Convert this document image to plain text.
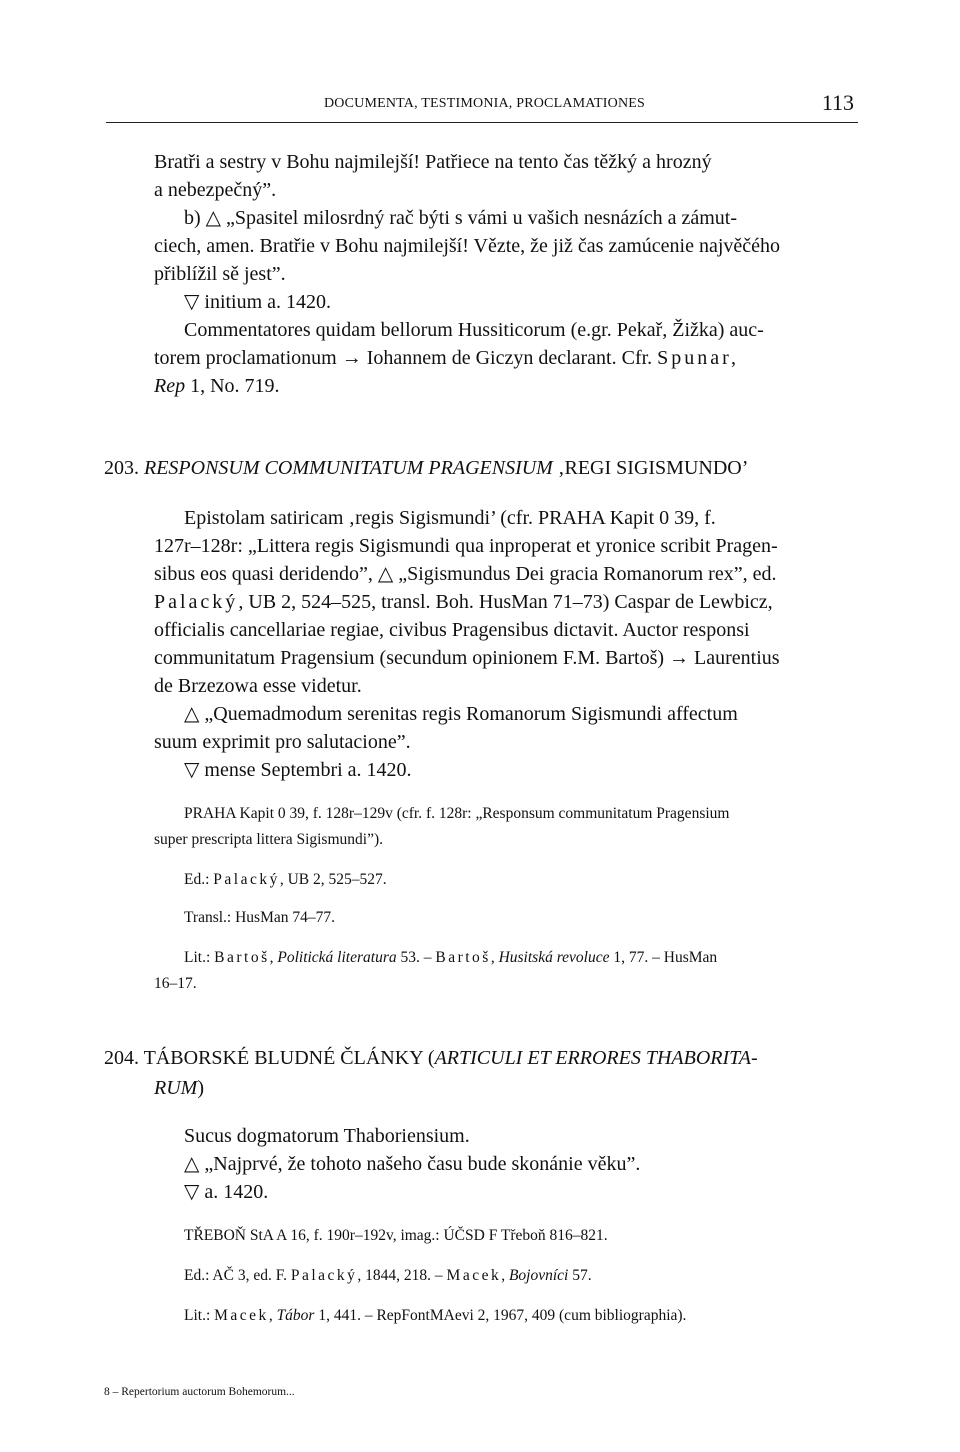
DOCUMENTA, TESTIMONIA, PROCLAMATIONES	113
Bratři a sestry v Bohu najmilejší! Patřiece na tento čas těžký a hrozný
a nebezpečný”.
b) △ „Spasitel milosrdný rač býti s vámi u vašich nesnázích a zámut-
ciech, amen. Bratřie v Bohu najmilejší! Vězte, že již čas zamúcenie najvěčého
přiblížil sě jest”.
▽ initium a. 1420.
Commentatores quidam bellorum Hussiticorum (e.gr. Pekař, Žižka) auc-
torem proclamationum → Iohannem de Giczyn declarant. Cfr. Spunar,
Rep 1, No. 719.
203. RESPONSUM COMMUNITATUM PRAGENSIUM ‚REGI SIGISMUNDO’
Epistolam satiricam ‚regis Sigismundi’ (cfr. PRAHA Kapit 0 39, f.
127r–128r: „Littera regis Sigismundi qua inproperat et yronice scribit Pragen-
sibus eos quasi deridendo”, △ „Sigismundus Dei gracia Romanorum rex”, ed.
Palacký, UB 2, 524–525, transl. Boh. HusMan 71–73) Caspar de Lewbicz,
officialis cancellariae regiae, civibus Pragensibus dictavit. Auctor responsi
communitatum Pragensium (secundum opinionem F.M. Bartoš) → Laurentius
de Brzezowa esse videtur.
△ „Quemadmodum serenitas regis Romanorum Sigismundi affectum
suum exprimit pro salutacione”.
▽ mense Septembri a. 1420.
PRAHA Kapit 0 39, f. 128r–129v (cfr. f. 128r: „Responsum communitatum Pragensium
super prescripta littera Sigismundi”).
Ed.: Palacký, UB 2, 525–527.
Transl.: HusMan 74–77.
Lit.: Bartoš, Politická literatura 53. – Bartoš, Husitská revoluce 1, 77. – HusMan
16–17.
204. TÁBORSKÉ BLUDNÉ ČLÁNKY (ARTICULI ET ERRORES THABORITA-
RUM)
Sucus dogmatorum Thaboriensium.
△ „Najprvé, že tohoto našeho času bude skonánie věku”.
▽ a. 1420.
TŘEBOŇ StA A 16, f. 190r–192v, imag.: ÚČSD F Třeboň 816–821.
Ed.: AČ 3, ed. F. Palacký, 1844, 218. – Macek, Bojovníci 57.
Lit.: Macek, Tábor 1, 441. – RepFontMAevi 2, 1967, 409 (cum bibliographia).
8 – Repertorium auctorum Bohemorum...
